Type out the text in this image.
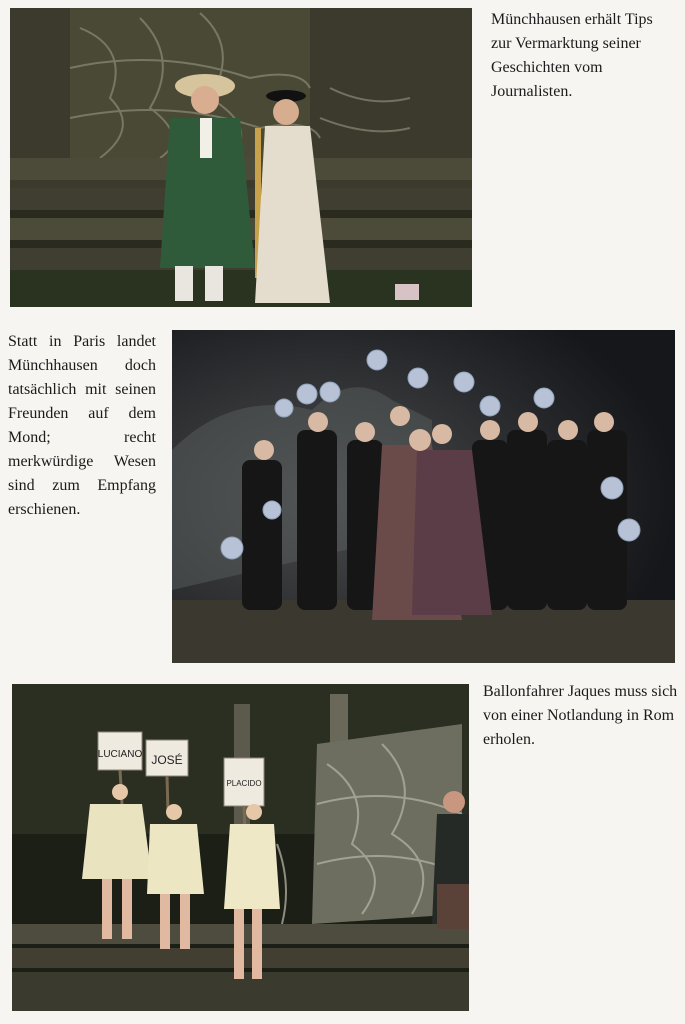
Münchhausen erhält Tips zur Vermarktung seiner Geschichten vom Journalisten.
Statt in Paris landet Münchhausen doch tatsächlich mit seinen Freunden auf dem Mond; recht merkwürdige Wesen sind zum Empfang erschienen.
LUCIANO JOSÉ
PLACIDO
Ballonfahrer Jaques muss sich von einer Notlandung in Rom erholen.
